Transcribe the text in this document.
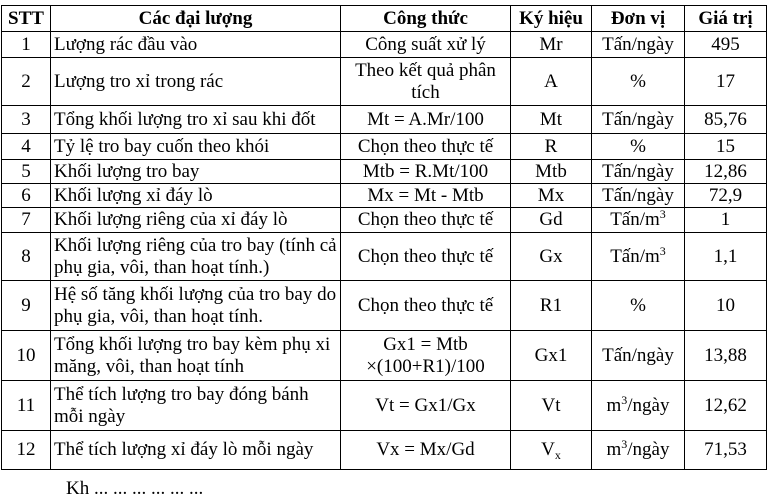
STT	Các đại lượng	Công thức	Ký hiệu	Đơn vị	Giá trị
1	Lượng rác đầu vào	Công suất xử lý	Mr	Tấn/ngày	495
2	Lượng tro xỉ trong rác	Theo kết quả phân tích	A	%	17
3	Tổng khối lượng tro xỉ sau khi đốt	Mt = A.Mr/100	Mt	Tấn/ngày	85,76
4	Tỷ lệ tro bay cuốn theo khói	Chọn theo thực tế	R	%	15
5	Khối lượng tro bay	Mtb = R.Mt/100	Mtb	Tấn/ngày	12,86
6	Khối lượng xỉ đáy lò	Mx = Mt - Mtb	Mx	Tấn/ngày	72,9
7	Khối lượng riêng của xỉ đáy lò	Chọn theo thực tế	Gd	Tấn/$m^3$	1
8	Khối lượng riêng của tro bay (tính cả phụ gia, vôi, than hoạt tính.)	Chọn theo thực tế	Gx	Tấn/$m^3$	1,1
9	Hệ số tăng khối lượng của tro bay do phụ gia, vôi, than hoạt tính.	Chọn theo thực tế	R1	%	10
10	Tổng khối lượng tro bay kèm phụ xi măng, vôi, than hoạt tính	Gx1 = Mtb ×(100+R1)/100	Gx1	Tấn/ngày	13,88
11	Thể tích lượng tro bay đóng bánh mỗi ngày	Vt = Gx1/Gx	Vt	$m^3$/ngày	12,62
12	Thể tích lượng xỉ đáy lò mỗi ngày	Vx = Mx/Gd	$V_x$	$m^3$/ngày	71,53
Kh ... ... ... ... ... ...
